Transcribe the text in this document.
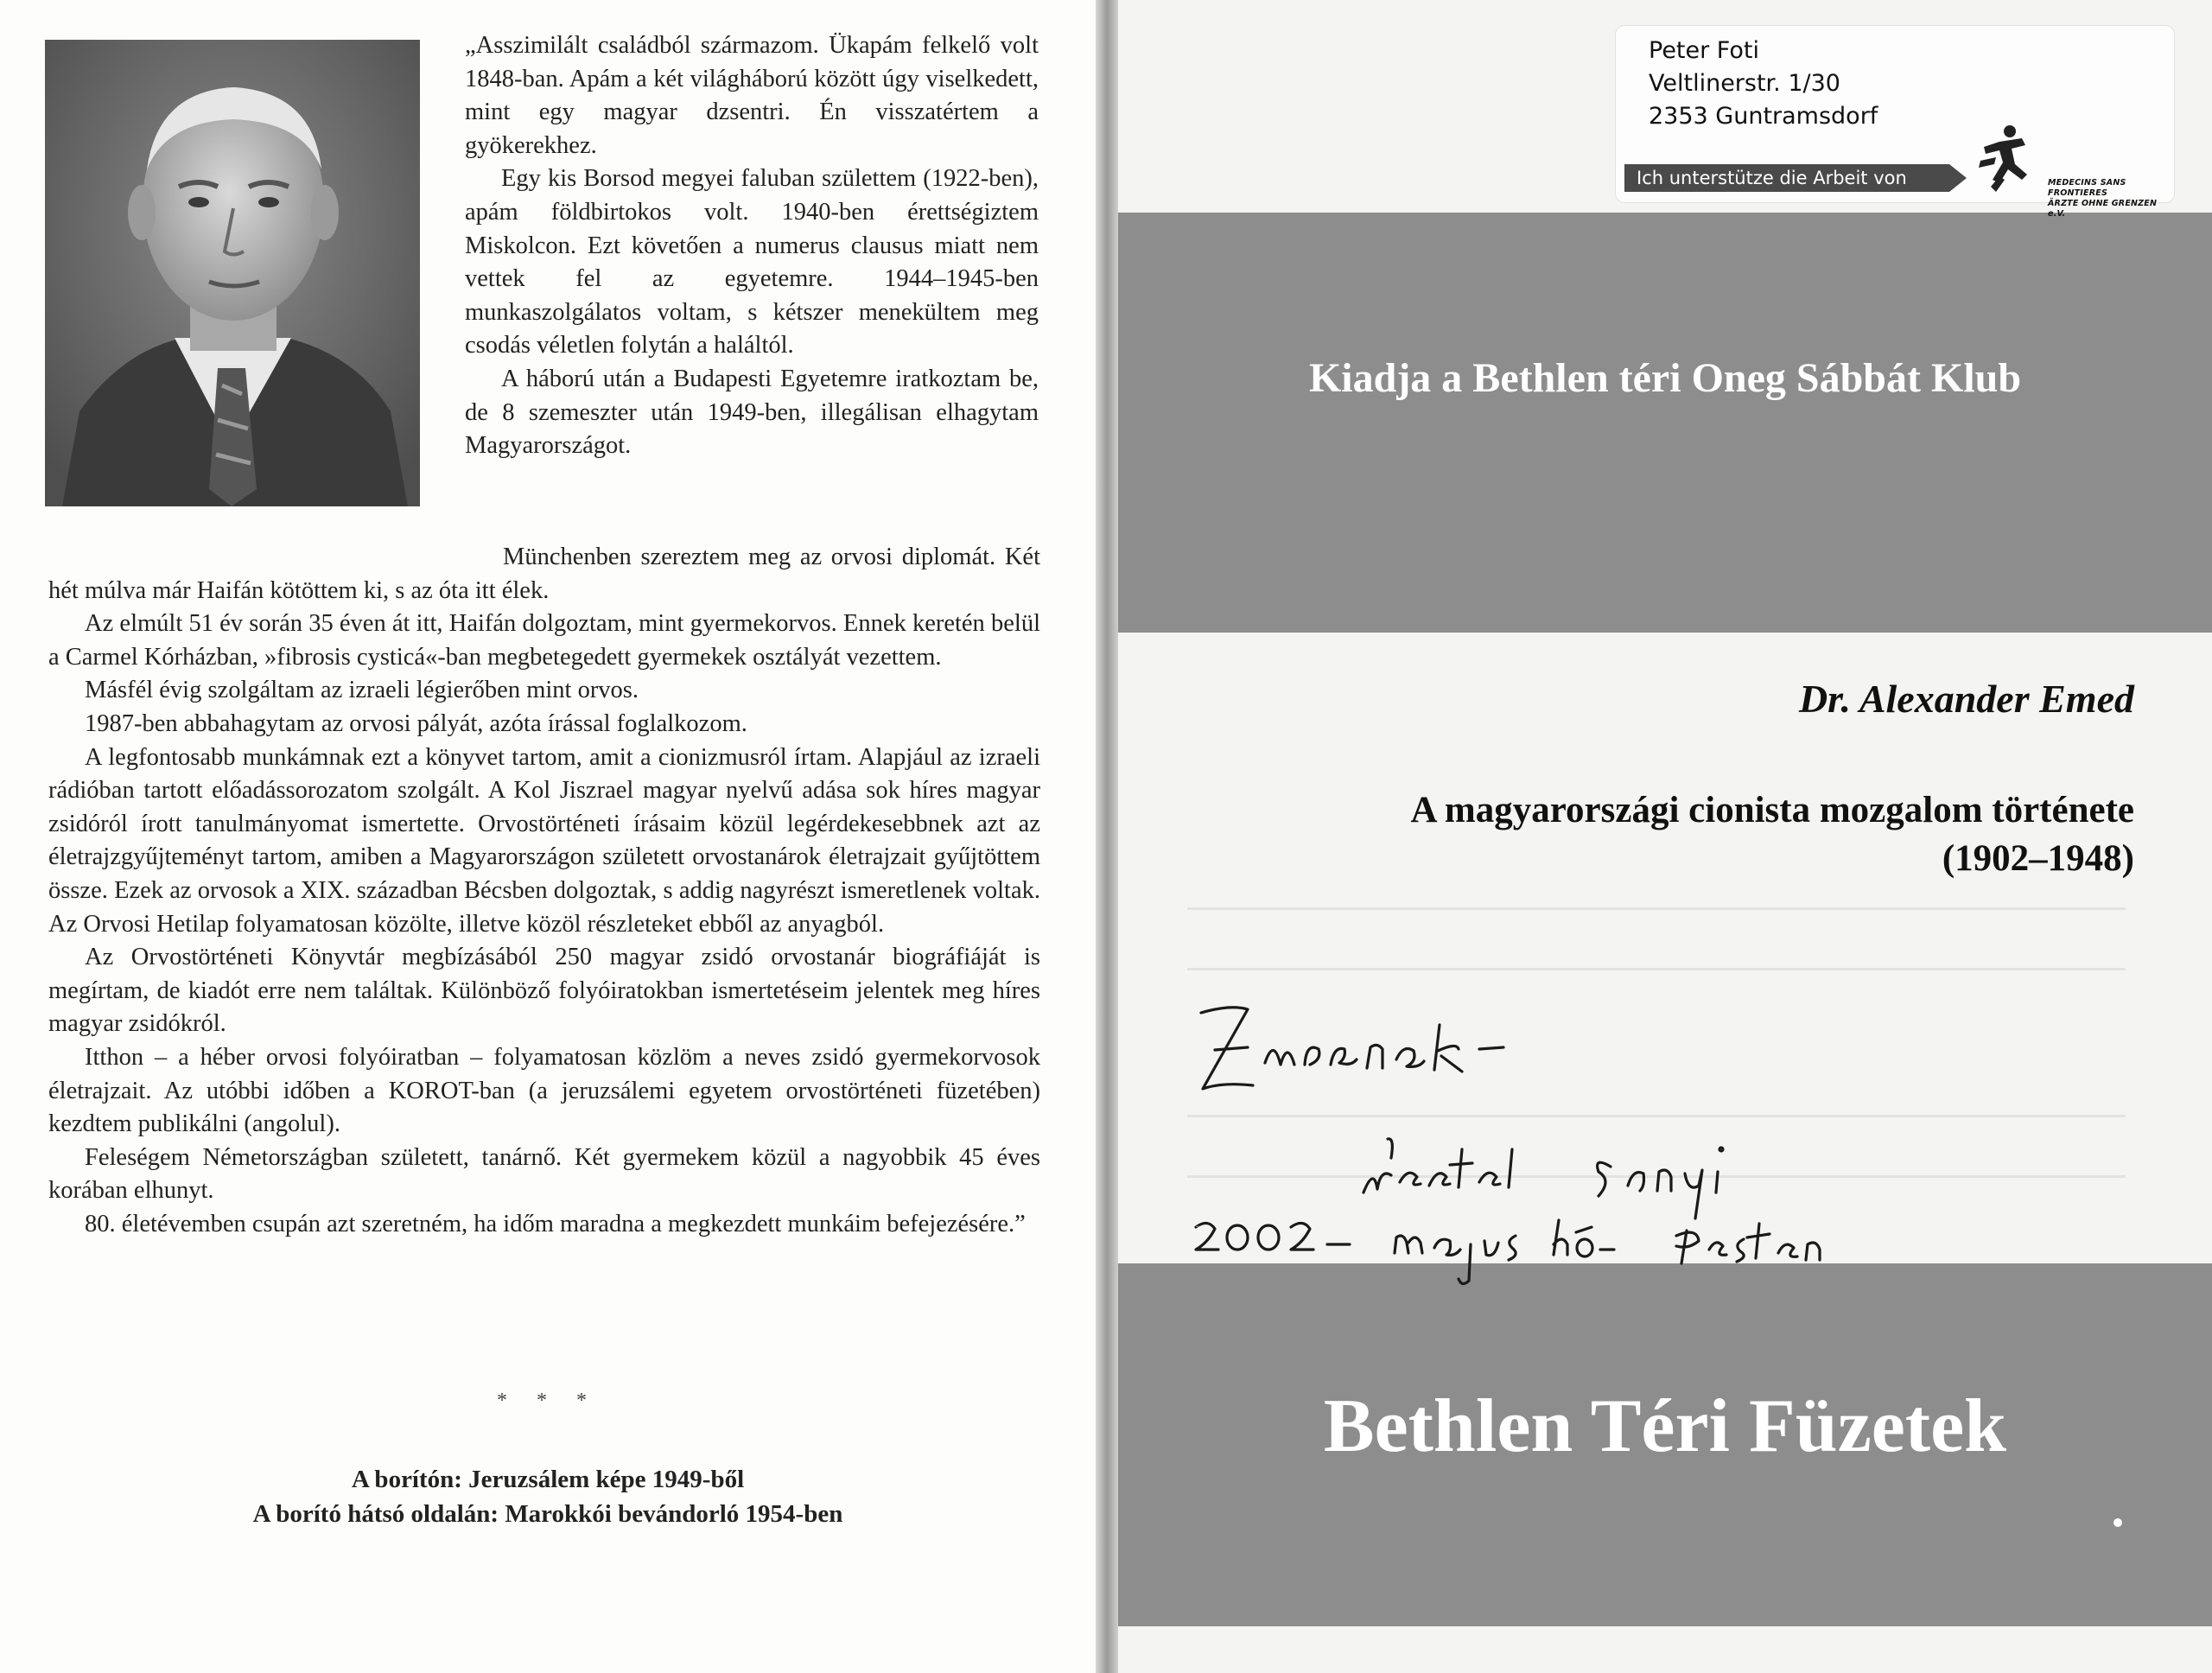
„Asszimilált családból származom. Ükapám felkelő volt 1848-ban. Apám a két világháború között úgy viselkedett, mint egy magyar dzsentri. Én visszatértem a gyökerekhez.

Egy kis Borsod megyei faluban születtem (1922-ben), apám földbirtokos volt. 1940-ben érettségiztem Miskolcon. Ezt követően a numerus clausus miatt nem vettek fel az egyetemre. 1944–1945-ben munkaszolgálatos voltam, s kétszer menekültem meg csodás véletlen folytán a haláltól.

A háború után a Budapesti Egyetemre iratkoztam be, de 8 szemeszter után 1949-ben, illegálisan elhagytam Magyarországot.

Münchenben szereztem meg az orvosi diplomát. Két hét múlva már Haifán kötöttem ki, s az óta itt élek.

Az elmúlt 51 év során 35 éven át itt, Haifán dolgoztam, mint gyermekorvos. Ennek keretén belül a Carmel Kórházban, »fibrosis cysticá«-ban megbetegedett gyermekek osztályát vezettem.

Másfél évig szolgáltam az izraeli légierőben mint orvos.

1987-ben abbahagytam az orvosi pályát, azóta írással foglalkozom.

A legfontosabb munkámnak ezt a könyvet tartom, amit a cionizmusról írtam. Alapjául az izraeli rádióban tartott előadássorozatom szolgált. A Kol Jiszrael magyar nyelvű adása sok híres magyar zsidóról írott tanulmányomat ismertette. Orvostörténeti írásaim közül legérdekesebbnek azt az életrajzgyűjteményt tartom, amiben a Magyarországon született orvostanárok életrajzait gyűjtöttem össze. Ezek az orvosok a XIX. században Bécsben dolgoztak, s addig nagyrészt ismeretlenek voltak. Az Orvosi Hetilap folyamatosan közölte, illetve közöl részleteket ebből az anyagból.

Az Orvostörténeti Könyvtár megbízásából 250 magyar zsidó orvostanár biográfiáját is megírtam, de kiadót erre nem találtak. Különböző folyóiratokban ismertetéseim jelentek meg híres magyar zsidókról.

Itthon – a héber orvosi folyóiratban – folyamatosan közlöm a neves zsidó gyermekorvosok életrajzait. Az utóbbi időben a KOROT-ban (a jeruzsálemi egyetem orvostörténeti füzetében) kezdtem publikálni (angolul).

Feleségem Németországban született, tanárnő. Két gyermekem közül a nagyobbik 45 éves korában elhunyt.

80. életévemben csupán azt szeretném, ha időm maradna a megkezdett munkáim befejezésére.”

* * *
A borítón: Jeruzsálem képe 1949-ből
A borító hátsó oldalán: Marokkói bevándorló 1954-ben
Kiadja a Bethlen téri Oneg Sábbát Klub
Dr. Alexander Emed
A magyarországi cionista mozgalom története
(1902–1948)
Bethlen Téri Füzetek
Peter Foti
Veltlinerstr. 1/30
2353 Guntramsdorf
Ich unterstütze die Arbeit von	MEDECINS SANS FRONTIERES
ÄRZTE OHNE GRENZEN e.V.
Zsuzsinak –
szeretettel Sanyi
2002 – május hó	Pesten
